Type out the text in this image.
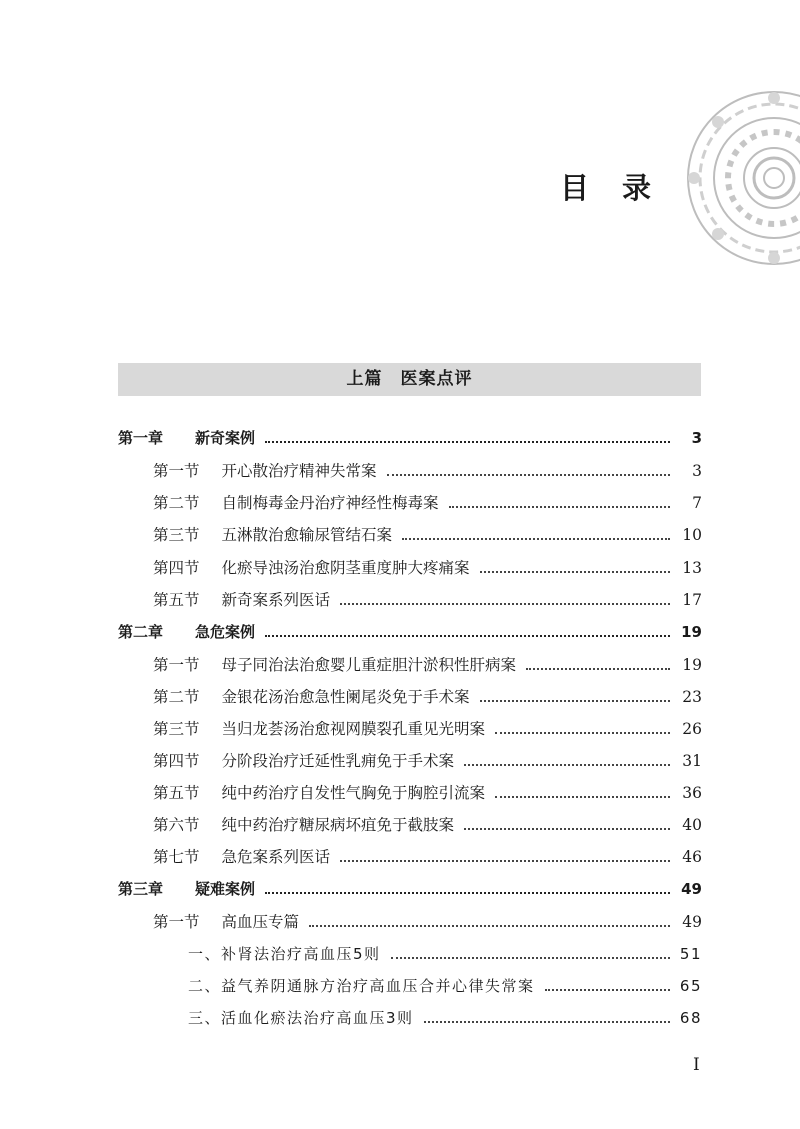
目　录
上篇　医案点评
第一章 新奇案例	3
第一节 开心散治疗精神失常案	3
第二节 自制梅毒金丹治疗神经性梅毒案	7
第三节 五淋散治愈输尿管结石案	10
第四节 化瘀导浊汤治愈阴茎重度肿大疼痛案	13
第五节 新奇案系列医话	17
第二章 急危案例	19
第一节 母子同治法治愈婴儿重症胆汁淤积性肝病案	19
第二节 金银花汤治愈急性阑尾炎免于手术案	23
第三节 当归龙荟汤治愈视网膜裂孔重见光明案	26
第四节 分阶段治疗迁延性乳痈免于手术案	31
第五节 纯中药治疗自发性气胸免于胸腔引流案	36
第六节 纯中药治疗糖尿病坏疽免于截肢案	40
第七节 急危案系列医话	46
第三章 疑难案例	49
第一节 高血压专篇	49
一、补肾法治疗高血压5则	51
二、益气养阴通脉方治疗高血压合并心律失常案	65
三、活血化瘀法治疗高血压3则	68
I
